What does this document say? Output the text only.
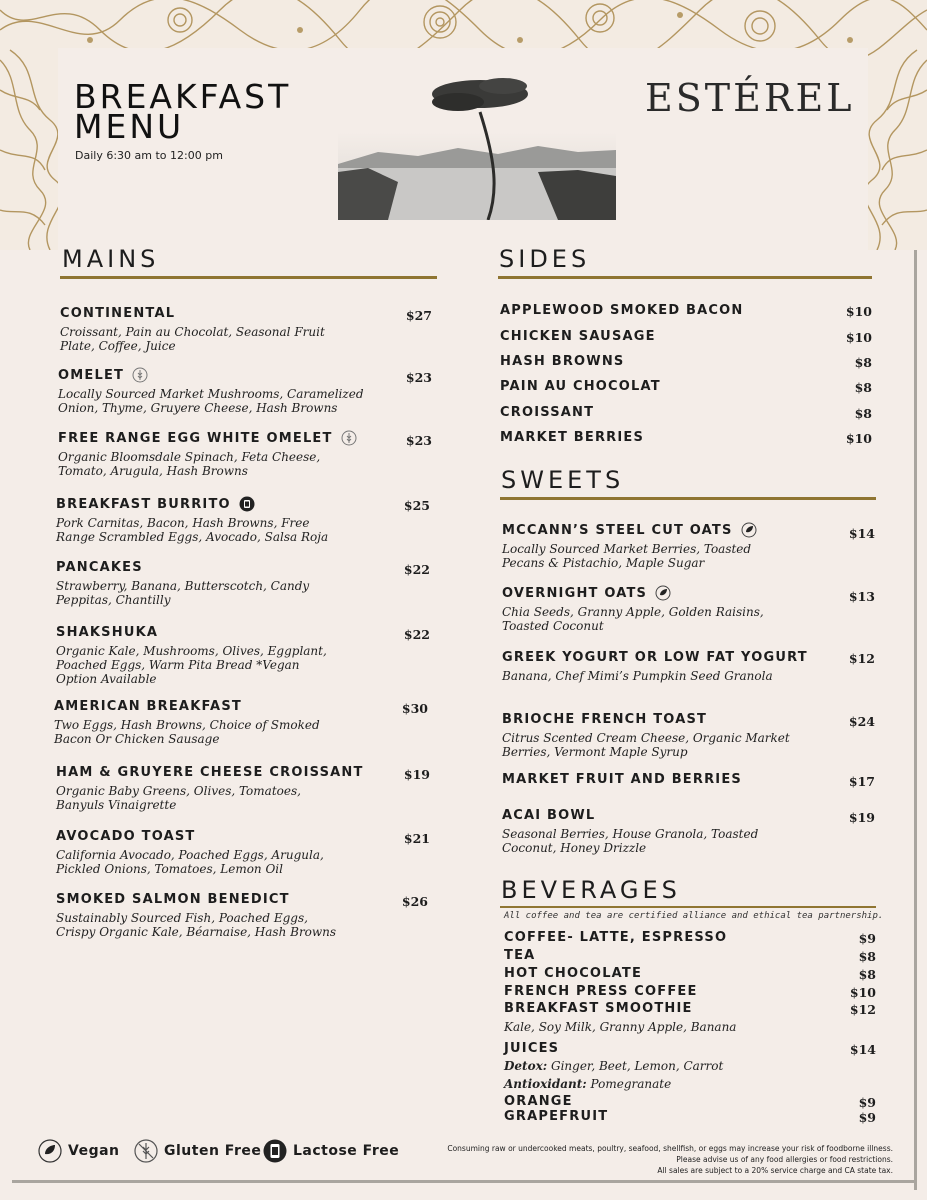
BREAKFAST
MENU
Daily 6:30 am to 12:00 pm
ESTÉREL
MAINS
CONTINENTAL
Croissant, Pain au Chocolat, Seasonal Fruit
Plate, Coffee, Juice
$27
OMELET
Locally Sourced Market Mushrooms, Caramelized
Onion, Thyme, Gruyere Cheese, Hash Browns
$23
FREE RANGE EGG WHITE OMELET
Organic Bloomsdale Spinach, Feta Cheese,
Tomato, Arugula, Hash Browns
$23
BREAKFAST BURRITO
Pork Carnitas, Bacon, Hash Browns, Free
Range Scrambled Eggs, Avocado, Salsa Roja
$25
PANCAKES
Strawberry, Banana, Butterscotch, Candy
Peppitas, Chantilly
$22
SHAKSHUKA
Organic Kale, Mushrooms, Olives, Eggplant,
Poached Eggs, Warm Pita Bread *Vegan
Option Available
$22
AMERICAN BREAKFAST
Two Eggs, Hash Browns, Choice of Smoked
Bacon Or Chicken Sausage
$30
HAM & GRUYERE CHEESE CROISSANT
Organic Baby Greens, Olives, Tomatoes,
Banyuls Vinaigrette
$19
AVOCADO TOAST
California Avocado, Poached Eggs, Arugula,
Pickled Onions, Tomatoes, Lemon Oil
$21
SMOKED SALMON BENEDICT
Sustainably Sourced Fish, Poached Eggs,
Crispy Organic Kale, Béarnaise, Hash Browns
$26
SIDES
APPLEWOOD SMOKED BACON	$10
CHICKEN SAUSAGE	$10
HASH BROWNS	$8
PAIN AU CHOCOLAT	$8
CROISSANT	$8
MARKET BERRIES	$10
SWEETS
MCCANN’S STEEL CUT OATS
Locally Sourced Market Berries, Toasted
Pecans & Pistachio, Maple Sugar
$14
OVERNIGHT OATS
Chia Seeds, Granny Apple, Golden Raisins,
Toasted Coconut
$13
GREEK YOGURT OR LOW FAT YOGURT
Banana, Chef Mimi’s Pumpkin Seed Granola
$12
BRIOCHE FRENCH TOAST
Citrus Scented Cream Cheese, Organic Market
Berries, Vermont Maple Syrup
$24
MARKET FRUIT AND BERRIES	$17
ACAI BOWL
Seasonal Berries, House Granola, Toasted
Coconut, Honey Drizzle
$19
BEVERAGES
All coffee and tea are certified alliance and ethical tea partnership.
COFFEE- LATTE, ESPRESSO	$9
TEA	$8
HOT CHOCOLATE	$8
FRENCH PRESS COFFEE	$10
BREAKFAST SMOOTHIE	$12
Kale, Soy Milk, Granny Apple, Banana
JUICES	$14
Detox: Ginger, Beet, Lemon, Carrot
Antioxidant: Pomegranate
ORANGE	$9
GRAPEFRUIT	$9
Vegan	Gluten Free Lactose Free	Consuming raw or undercooked meats, poultry, seafood, shellfish, or eggs may increase your risk of foodborne illness.
Please advise us of any food allergies or food restrictions.
All sales are subject to a 20% service charge and CA state tax.
